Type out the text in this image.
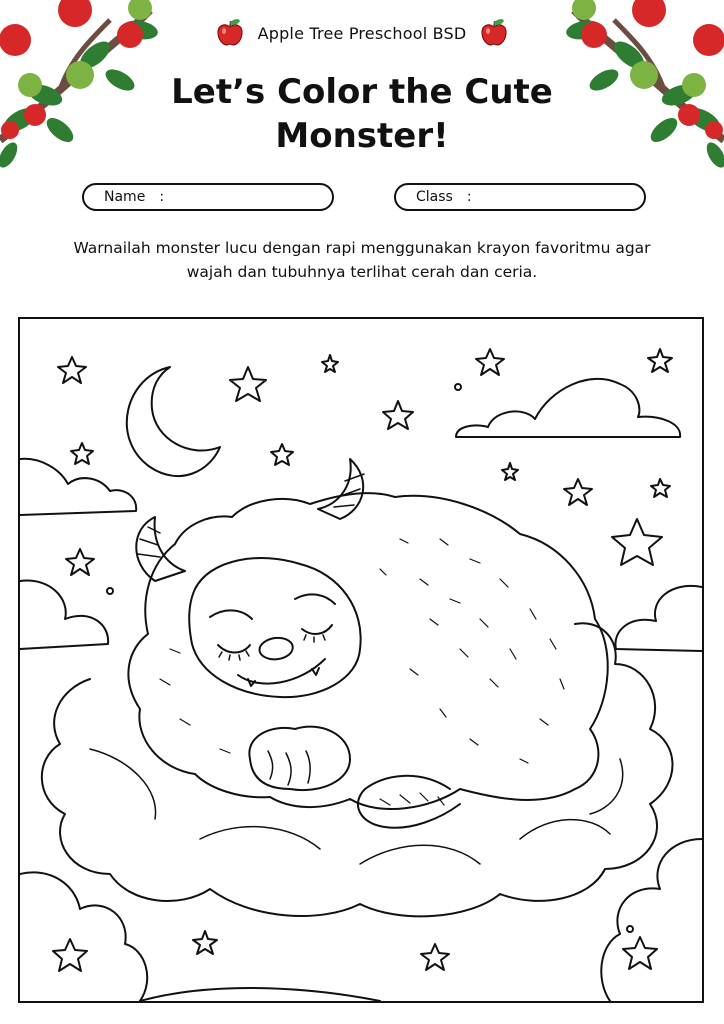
Apple Tree Preschool BSD
Let’s Color the Cute Monster!
Name :	Class :
Warnailah monster lucu dengan rapi menggunakan krayon favoritmu agar wajah dan tubuhnya terlihat cerah dan ceria.
